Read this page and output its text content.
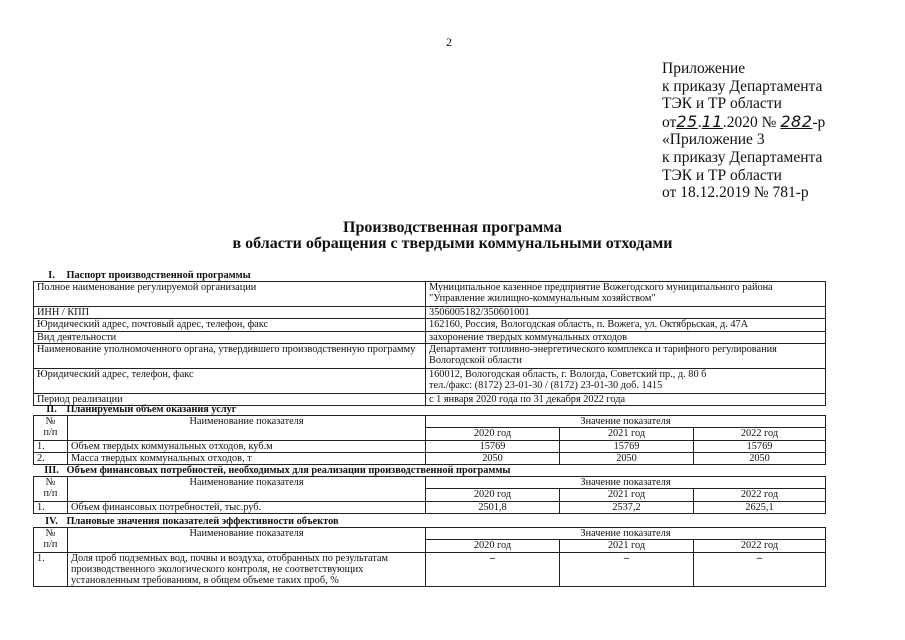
2
Приложение
к приказу Департамента
ТЭК и ТР области
от25.11.2020 № 282-р
«Приложение 3
к приказу Департамента
ТЭК и ТР области
от 18.12.2019 № 781-р
Производственная программа
в области обращения с твердыми коммунальными отходами
I. Паспорт производственной программы	
Полное наименование регулируемой организации	Муниципальное казенное предприятие Вожегодского муниципального района "Управление жилищно-коммунальным хозяйством"
ИНН / КПП	3506005182/350601001
Юридический адрес, почтовый адрес, телефон, факс	162160, Россия, Вологодская область, п. Вожега, ул. Октябрьская, д. 47А
Вид деятельности	захоронение твердых коммунальных отходов
Наименование уполномоченного органа, утвердившего производственную программу	Департамент топливно-энергетического комплекса и тарифного регулирования Вологодской области
Юридический адрес, телефон, факс	160012, Вологодская область, г. Вологда, Советский пр., д. 80 б
тел./факс: (8172) 23-01-30 / (8172) 23-01-30 доб. 1415

Период реализации	с 1 января 2020 года по 31 декабря 2022 года
II. Планируемый объем оказания услуг				

№
п/п	Наименование показателя	Значение показателя		
		2020 год	2021 год	2022 год
1.	Объем твердых коммунальных отходов, куб.м	15769	15769	15769
2.	Масса твердых коммунальных отходов, т	2050	2050	2050
III. Объем финансовых потребностей, необходимых для реализации производственной программы				

№
п/п	Наименование показателя	Значение показателя		
		2020 год	2021 год	2022 год
1.	Объем финансовых потребностей, тыс.руб.	2501,8	2537,2	2625,1
IV. Плановые значения показателей эффективности объектов				

№
п/п	Наименование показателя	Значение показателя		
		2020 год	2021 год	2022 год
1.	Доля проб подземных вод, почвы и воздуха, отобранных по результатам производственного экологического контроля, не соответствующих установленным требованиям, в общем объеме таких проб, %	–	–	–
